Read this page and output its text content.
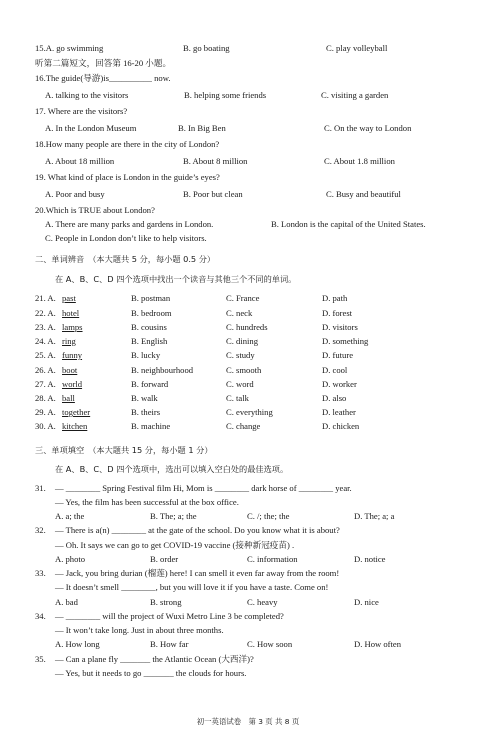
15.A. go swimming	B. go boating	C. play volleyball
听第二篇短文，回答第 16-20 小题。
16.The guide(导游)is__________ now.
A. talking to the visitors	B. helping some friends	C. visiting a garden
17. Where are the visitors?
A. In the London Museum	B. In Big Ben	C. On the way to London
18.How many people are there in the city of London?
A. About 18 million	B. About 8 million	C. About 1.8 million
19. What kind of place is London in the guide’s eyes?
A. Poor and busy	B. Poor but clean	C. Busy and beautiful
20.Which is TRUE about London?
A. There are many parks and gardens in London.	B. London is the capital of the United States.
C. People in London don’t like to help visitors.
二、单词辨音　（本大题共 5 分，每小题 0.5 分）
在 A、B、C、D 四个选项中找出一个读音与其他三个不同的单词。
21. A. past	B. postman	C. France	D. path
22. A. hotel	B. bedroom	C. neck	D. forest
23. A. lamps	B. cousins	C. hundreds	D. visitors
24. A. ring	B. English	C. dining	D. something
25. A. funny	B. lucky	C. study	D. future
26. A. boot	B. neighbourhood	C. smooth	D. cool
27. A. world	B. forward	C. word	D. worker
28. A. ball	B. walk	C. talk	D. also
29. A. together	B. theirs	C. everything	D. leather
30. A. kitchen	B. machine	C. change	D. chicken
三、单项填空　（本大题共 15 分，每小题 1 分）
在 A、B、C、D 四个选项中，选出可以填入空白处的最佳选项。
31. — ________ Spring Festival film Hi, Mom is ________ dark horse of ________ year.
— Yes, the film has been successful at the box office.
A. a; the	B. The; a; the	C. /; the; the	D. The; a; a
32. — There is a(n) ________ at the gate of the school. Do you know what it is about?
— Oh. It says we can go to get COVID-19 vaccine (接种新冠疫苗) .
A. photo	B. order	C. information	D. notice
33. — Jack, you bring durian (榴莲) here! I can smell it even far away from the room!
— It doesn’t smell ________, but you will love it if you have a taste. Come on!
A. bad	B. strong	C. heavy	D. nice
34. — ________ will the project of Wuxi Metro Line 3 be completed?
— It won’t take long. Just in about three months.
A. How long	B. How far	C. How soon	D. How often
35. — Can a plane fly _______ the Atlantic Ocean (大西洋)?
— Yes, but it needs to go _______ the clouds for hours.
初一英语试卷　第 3 页 共 8 页
